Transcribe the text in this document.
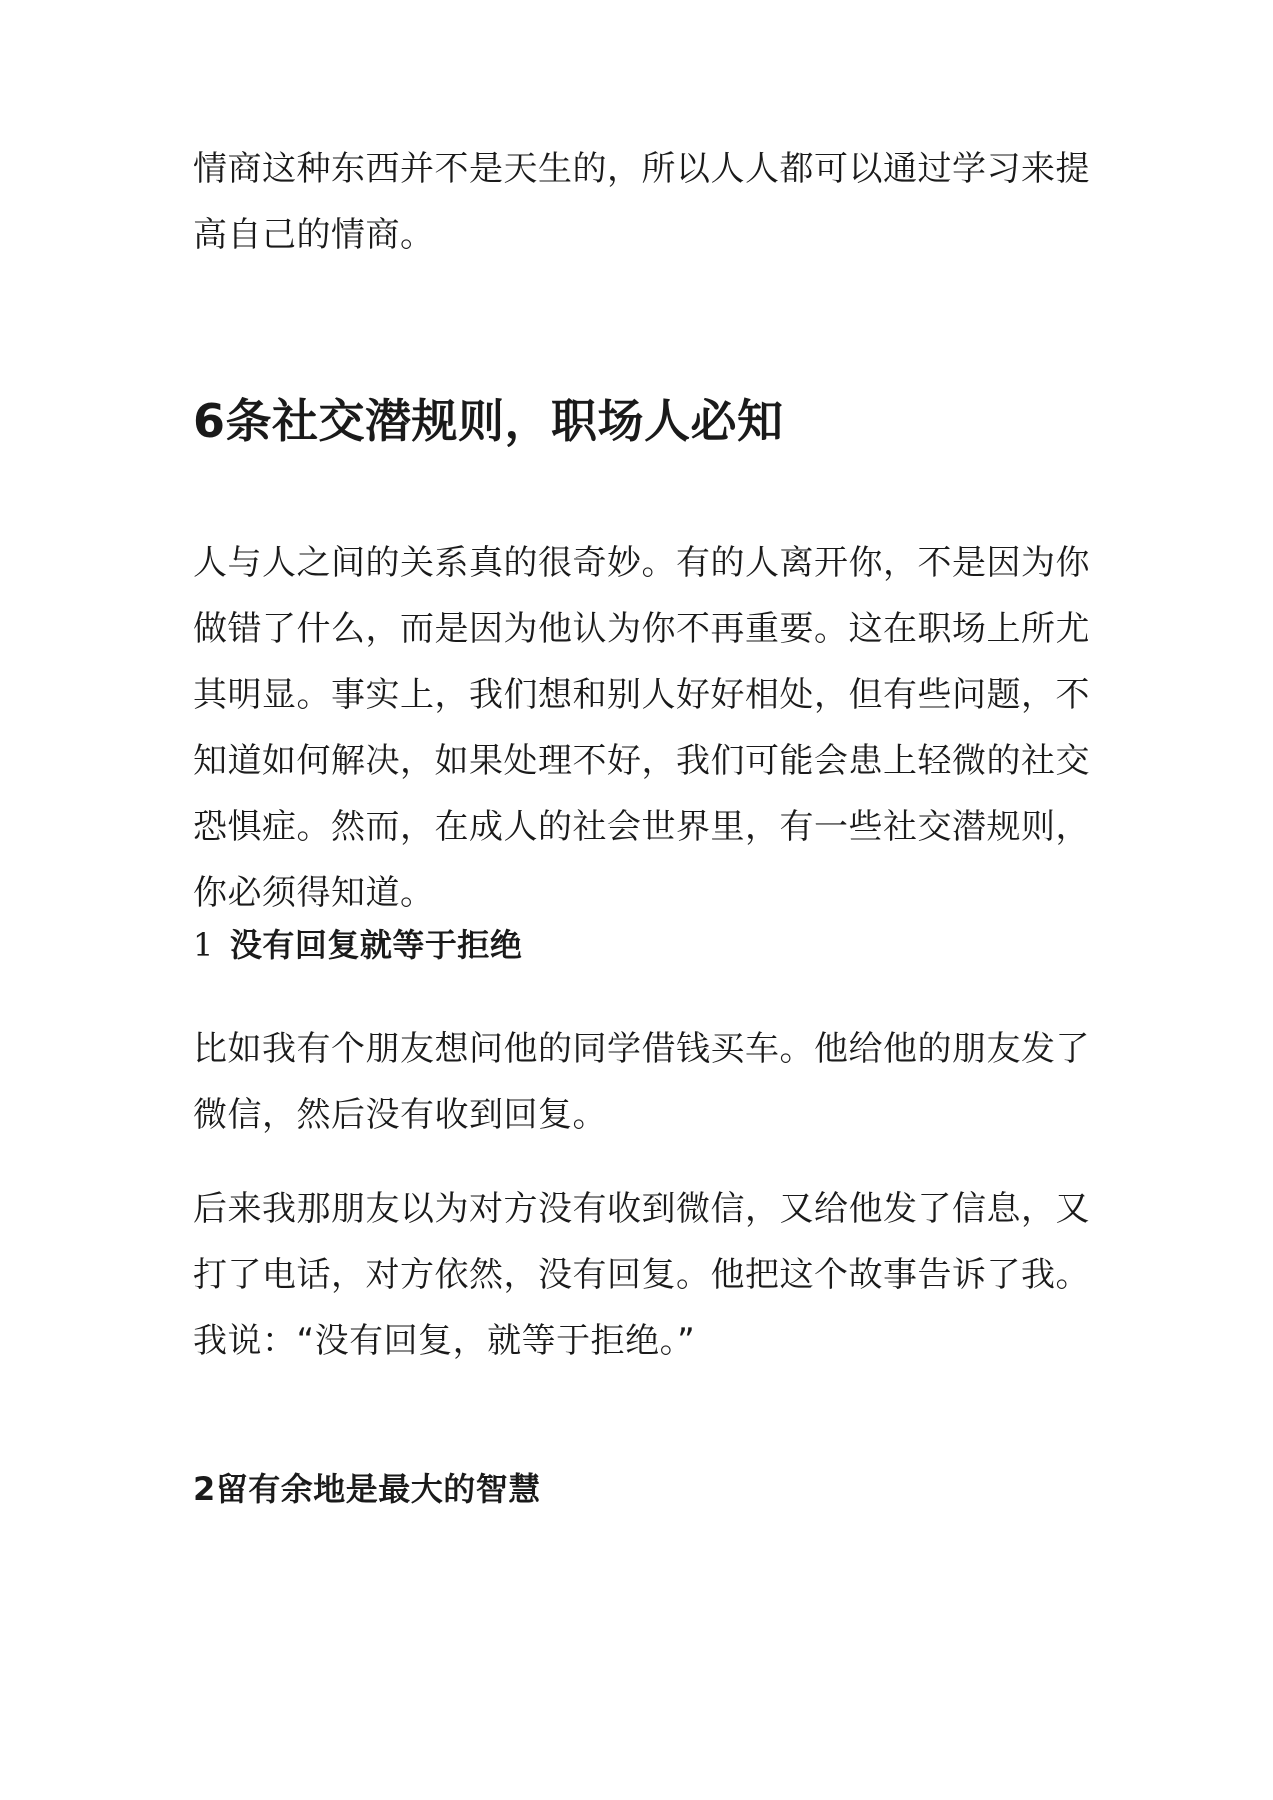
情商这种东西并不是天生的，所以人人都可以通过学习来提高自己的情商。

6条社交潜规则，职场人必知

人与人之间的关系真的很奇妙。有的人离开你，不是因为你做错了什么，而是因为他认为你不再重要。这在职场上所尤其明显。事实上，我们想和别人好好相处，但有些问题，不知道如何解决，如果处理不好，我们可能会患上轻微的社交恐惧症。然而，在成人的社会世界里，有一些社交潜规则，你必须得知道。

1 没有回复就等于拒绝

比如我有个朋友想问他的同学借钱买车。他给他的朋友发了微信，然后没有收到回复。

后来我那朋友以为对方没有收到微信，又给他发了信息，又打了电话，对方依然，没有回复。他把这个故事告诉了我。我说：“没有回复，就等于拒绝。”

2留有余地是最大的智慧
